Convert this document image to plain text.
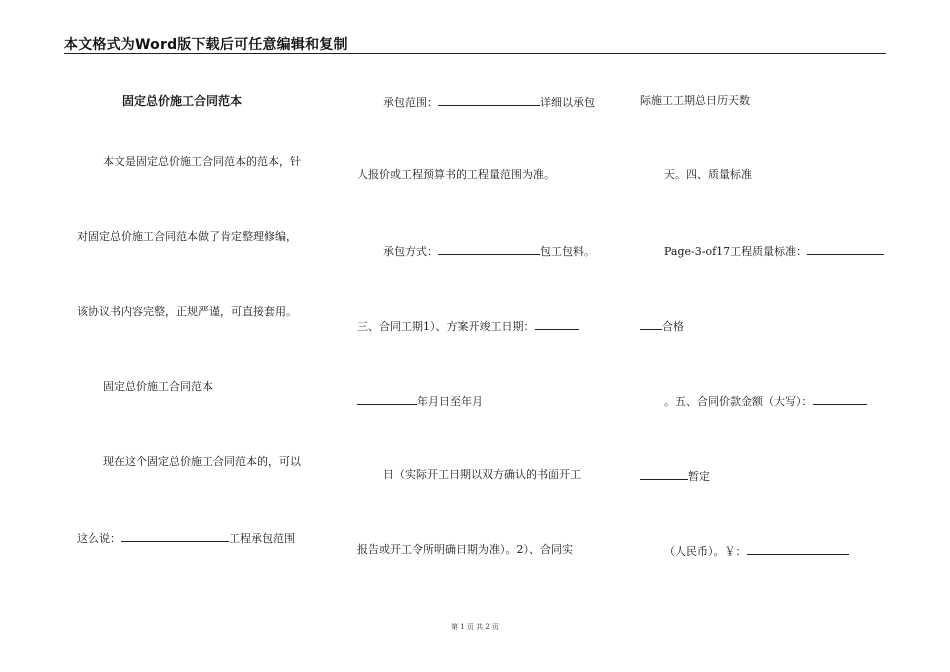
本文格式为Word版下载后可任意编辑和复制
固定总价施工合同范本
本文是固定总价施工合同范本的范本，针
对固定总价施工合同范本做了肯定整理修编，
该协议书内容完整，正规严谨，可直接套用。
固定总价施工合同范本
现在这个固定总价施工合同范本的，可以
这么说：	工程承包范围
承包范围：	详细以承包
人报价或工程预算书的工程量范围为准。
承包方式：	包工包料。
三、合同工期1）、方案开竣工日期：
年月日至年月
日（实际开工日期以双方确认的书面开工
报告或开工令所明确日期为准）。2）、合同实
际施工工期总日历天数
天。四、质量标准
Page-3-of17工程质量标准：
合格
。五、合同价款金额（大写）：
暂定
（人民币）。￥：
第 1 页 共 2 页
